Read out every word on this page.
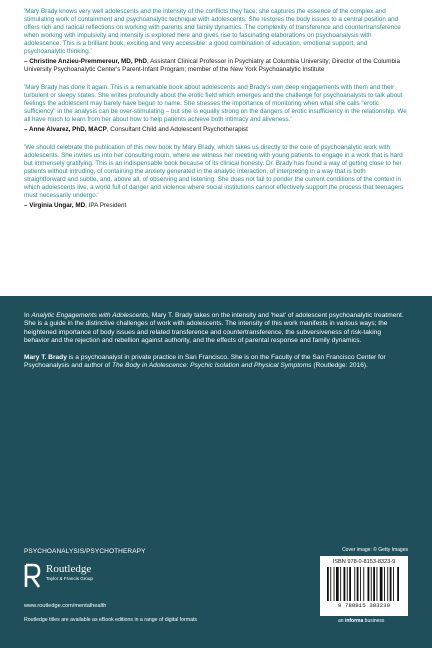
'Mary Brady knows very well adolescents and the intensity of the conflicts they face; she captures the essence of the complex and stimulating work of containment and psychoanalytic technique with adolescents. She restores the body issues to a central position and offers rich and radical reflections on working with parents and family dynamics. The complexity of transference and countertransference when working with impulsivity and intensity is explored here and gives rise to fascinating elaborations on psychoanalysis with adolescence. This is a brilliant book, exciting and very accessible: a good combination of education, emotional support, and psychoanalytic thinking.'

– Christine Anzieu-Premmereur, MD, PhD, Assistant Clinical Professor in Psychiatry at Columbia University; Director of the Columbia University Psychoanalytic Center's Parent-Infant Program; member of the New York Psychoanalytic Institute

'Mary Brady has done it again. This is a remarkable book about adolescents and Brady's own deep engagements with them and their turbulent or sleepy states. She writes profoundly about the erotic field which emerges and the challenge for psychoanalysts to talk about feelings the adolescent may barely have begun to name. She stresses the importance of monitoring when what she calls "erotic sufficiency" in the analysis can be over-stimulating – but she is equally strong on the dangers of erotic insufficiency in the relationship. We all have much to learn from her about how to help patients achieve both intimacy and aliveness.'

– Anne Alvarez, PhD, MACP, Consultant Child and Adolescent Psychotherapist

'We should celebrate the publication of this new book by Mary Brady, which takes us directly to the core of psychoanalytic work with adolescents. She invites us into her consulting room, where we witness her meeting with young patients to engage in a work that is hard but immensely gratifying. This is an indispensable book because of its clinical honesty. Dr. Brady has found a way of getting close to her patients without intruding, of containing the anxiety generated in the analytic interaction, of interpreting in a way that is both straightforward and subtle, and, above all, of observing and listening. She does not fail to ponder the current conditions of the context in which adolescents live, a world full of danger and violence where social institutions cannot effectively support the process that teenagers must necessarily undergo.'

– Virginia Ungar, MD, IPA President

In Analytic Engagements with Adolescents, Mary T. Brady takes on the intensity and 'heat' of adolescent psychoanalytic treatment. She is a guide in the distinctive challenges of work with adolescents. The intensity of this work manifests in various ways; the heightened importance of body issues and related transference and countertransference, the subversiveness of risk-taking behavior and the rejection and rebellion against authority, and the effects of parental response and family dynamics.

Mary T. Brady is a psychoanalyst in private practice in San Francisco. She is on the Faculty of the San Francisco Center for Psychoanalysis and author of The Body in Adolescence: Psychic Isolation and Physical Symptoms (Routledge: 2016).

PSYCHOANALYSIS/PSYCHOTHERAPY
Routledge
Taylor & Francis Group
www.routledge.com/mentalhealth
Routledge titles are available as eBook editions in a range of digital formats
Cover image: © Getty Images

ISBN 978-0-8153-8323-9

9 780815 383239

an informa business
